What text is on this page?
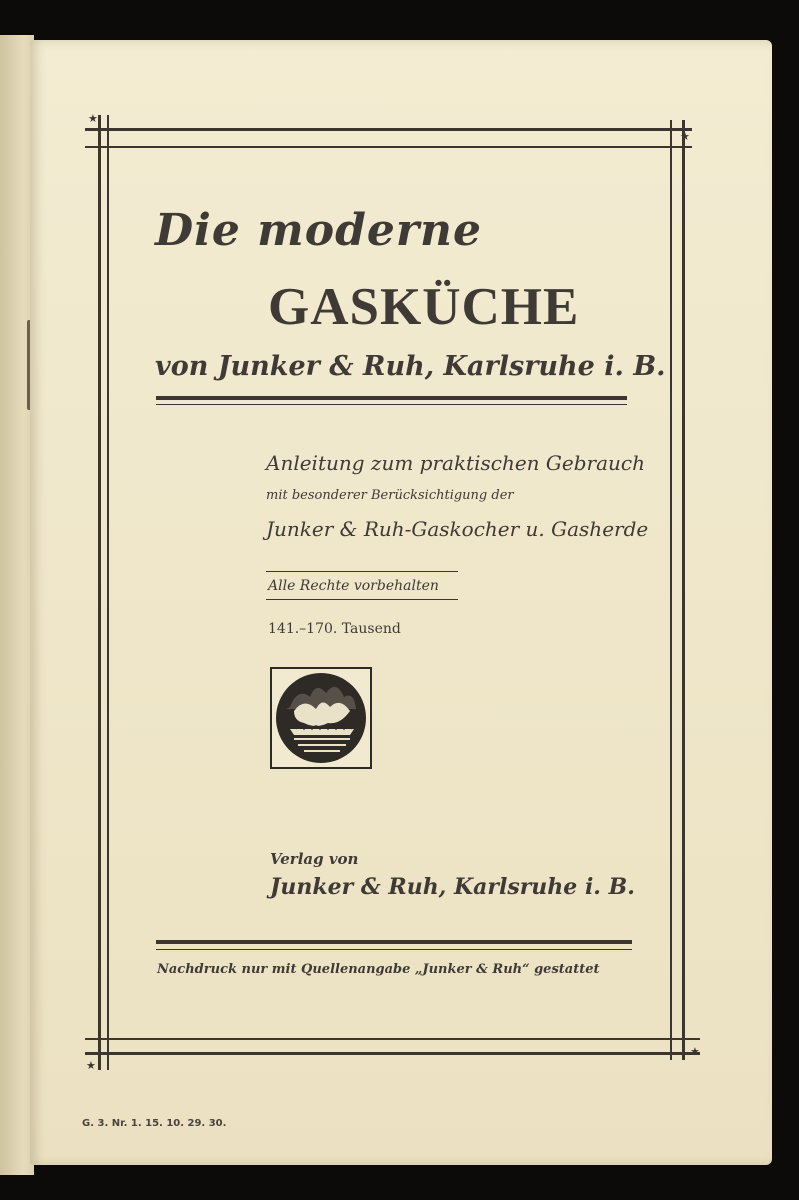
★
★
★
★
Die moderne
GASKÜCHE
von Junker & Ruh, Karlsruhe i. B.
Anleitung zum praktischen Gebrauch
mit besonderer Berücksichtigung der
Junker & Ruh-Gaskocher u. Gasherde
Alle Rechte vorbehalten
141.–170. Tausend
Verlag von
Junker & Ruh, Karlsruhe i. B.
Nachdruck nur mit Quellenangabe „Junker & Ruh“ gestattet
G. 3. Nr. 1. 15. 10. 29. 30.
